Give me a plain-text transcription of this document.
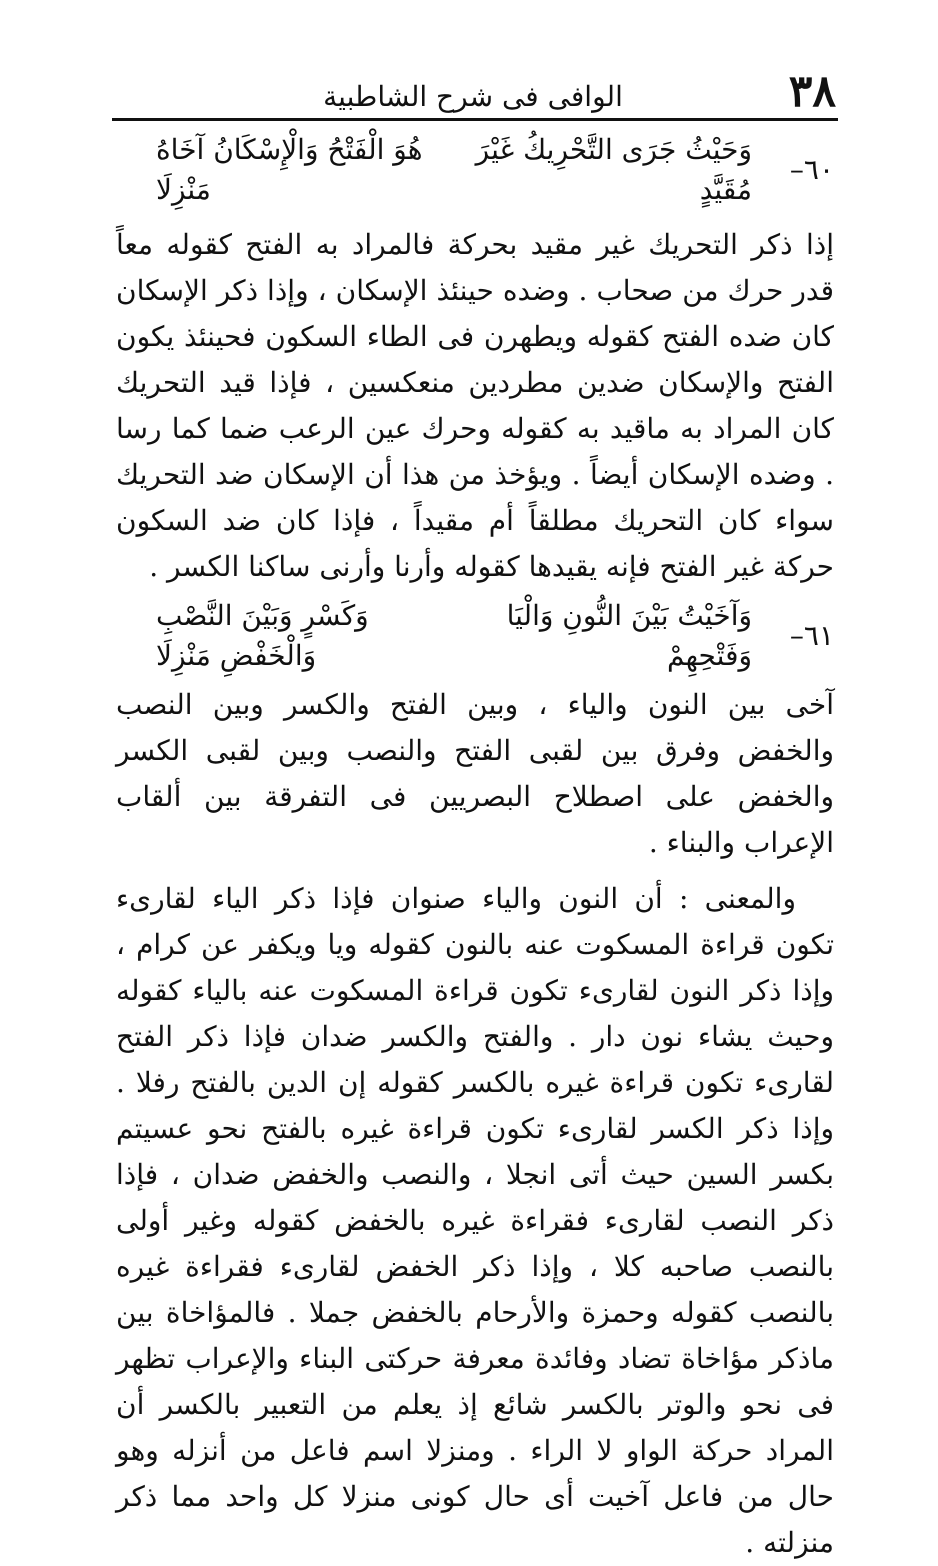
٣٨
الوافى فى شرح الشاطبية
٦٠–
وَحَيْثُ جَرَى التَّحْرِيكُ غَيْرَ مُقَيَّدٍ
هُوَ الْفَتْحُ وَالْإِسْكَانُ آخَاهُ مَنْزِلَا

إذا ذكر التحريك غير مقيد بحركة فالمراد به الفتح كقوله معاً قدر حرك من صحاب . وضده حينئذ الإسكان ، وإذا ذكر الإسكان كان ضده الفتح كقوله ويطهرن فى الطاء السكون فحينئذ يكون الفتح والإسكان ضدين مطردين منعكسين ، فإذا قيد التحريك كان المراد به ماقيد به كقوله وحرك عين الرعب ضما كما رسا . وضده الإسكان أيضاً . ويؤخذ من هذا أن الإسكان ضد التحريك سواء كان التحريك مطلقاً أم مقيداً ، فإذا كان ضد السكون حركة غير الفتح فإنه يقيدها كقوله وأرنا وأرنى ساكنا الكسر .

٦١–
وَآخَيْتُ بَيْنَ النُّونِ وَالْيَا وَفَتْحِهِمْ
وَكَسْرٍ وَبَيْنَ النَّصْبِ وَالْخَفْضِ مَنْزِلَا

آخى بين النون والياء ، وبين الفتح والكسر وبين النصب والخفض وفرق بين لقبى الفتح والنصب وبين لقبى الكسر والخفض على اصطلاح البصريين فى التفرقة بين ألقاب الإعراب والبناء .

والمعنى : أن النون والياء صنوان فإذا ذكر الياء لقارىء تكون قراءة المسكوت عنه بالنون كقوله ويا ويكفر عن كرام ، وإذا ذكر النون لقارىء تكون قراءة المسكوت عنه بالياء كقوله وحيث يشاء نون دار . والفتح والكسر ضدان فإذا ذكر الفتح لقارىء تكون قراءة غيره بالكسر كقوله إن الدين بالفتح رفلا . وإذا ذكر الكسر لقارىء تكون قراءة غيره بالفتح نحو عسيتم بكسر السين حيث أتى انجلا ، والنصب والخفض ضدان ، فإذا ذكر النصب لقارىء فقراءة غيره بالخفض كقوله وغير أولى بالنصب صاحبه كلا ، وإذا ذكر الخفض لقارىء فقراءة غيره بالنصب كقوله وحمزة والأرحام بالخفض جملا . فالمؤاخاة بين ماذكر مؤاخاة تضاد وفائدة معرفة حركتى البناء والإعراب تظهر فى نحو والوتر بالكسر شائع إذ يعلم من التعبير بالكسر أن المراد حركة الواو لا الراء . ومنزلا اسم فاعل من أنزله وهو حال من فاعل آخيت أى حال كونى منزلا كل واحد مما ذكر منزلته .
